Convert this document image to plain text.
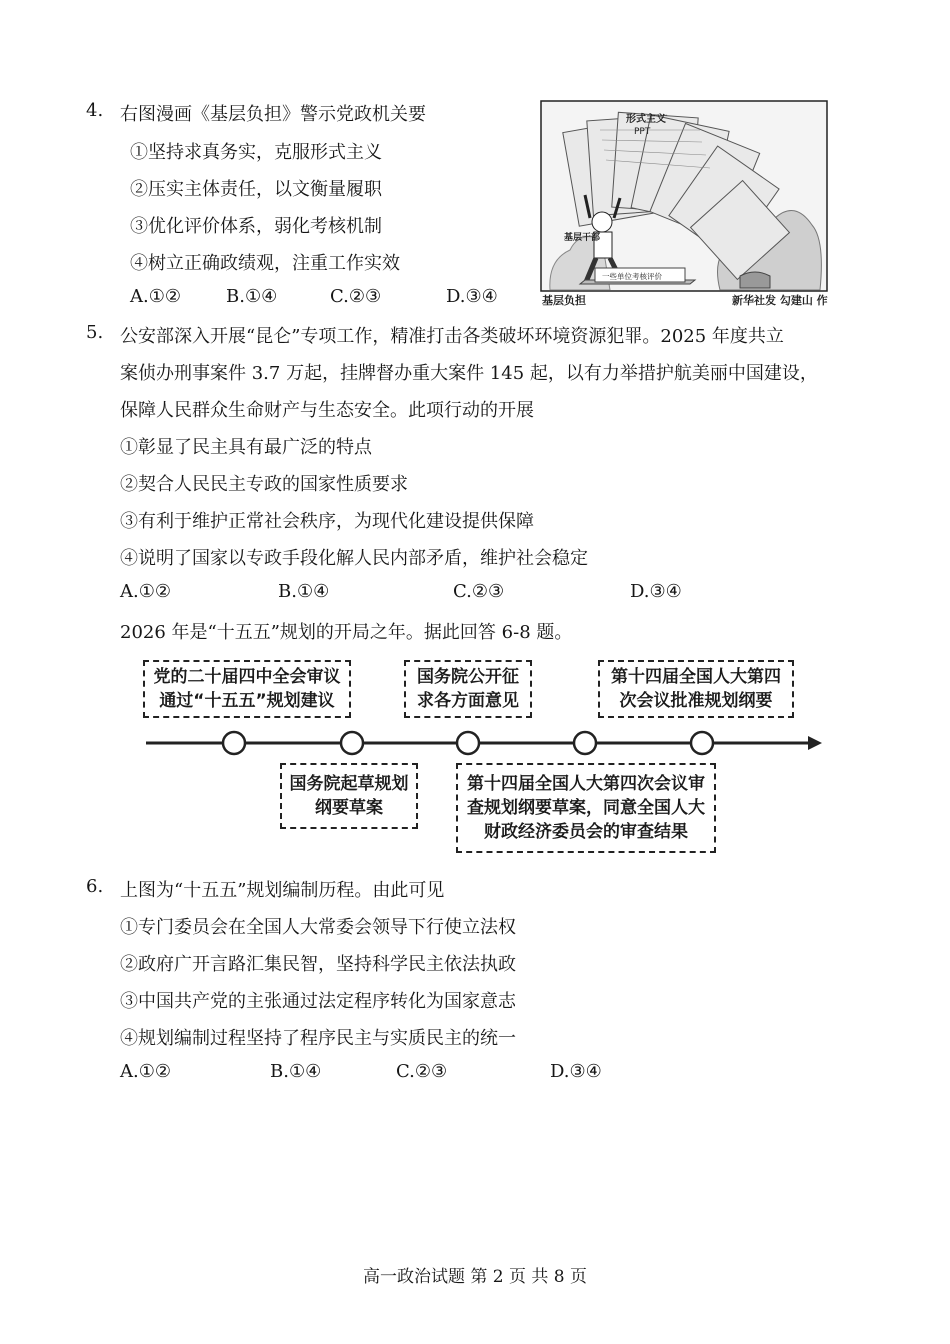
4. 右图漫画《基层负担》警示党政机关要
①坚持求真务实，克服形式主义
②压实主体责任，以文衡量履职
③优化评价体系，弱化考核机制
④树立正确政绩观，注重工作实效
A.①②	B.①④	C.②③	D.③④
形式主义
PPT
基层干部
一些单位考核评价
基层负担	新华社发 勾建山 作
5. 公安部深入开展“昆仑”专项工作，精准打击各类破坏环境资源犯罪。2025 年度共立
案侦办刑事案件 3.7 万起，挂牌督办重大案件 145 起，以有力举措护航美丽中国建设，
保障人民群众生命财产与生态安全。此项行动的开展
①彰显了民主具有最广泛的特点
②契合人民民主专政的国家性质要求
③有利于维护正常社会秩序，为现代化建设提供保障
④说明了国家以专政手段化解人民内部矛盾，维护社会稳定
A.①②	B.①④	C.②③	D.③④
2026 年是“十五五”规划的开局之年。据此回答 6-8 题。
党的二十届四中全会审议
通过“十五五”规划建议
国务院公开征
求各方面意见
第十四届全国人大第四
次会议批准规划纲要
国务院起草规划
纲要草案
第十四届全国人大第四次会议审
查规划纲要草案，同意全国人大
财政经济委员会的审查结果
6. 上图为“十五五”规划编制历程。由此可见
①专门委员会在全国人大常委会领导下行使立法权
②政府广开言路汇集民智，坚持科学民主依法执政
③中国共产党的主张通过法定程序转化为国家意志
④规划编制过程坚持了程序民主与实质民主的统一
A.①②	B.①④	C.②③	D.③④
高一政治试题 第 2 页 共 8 页
